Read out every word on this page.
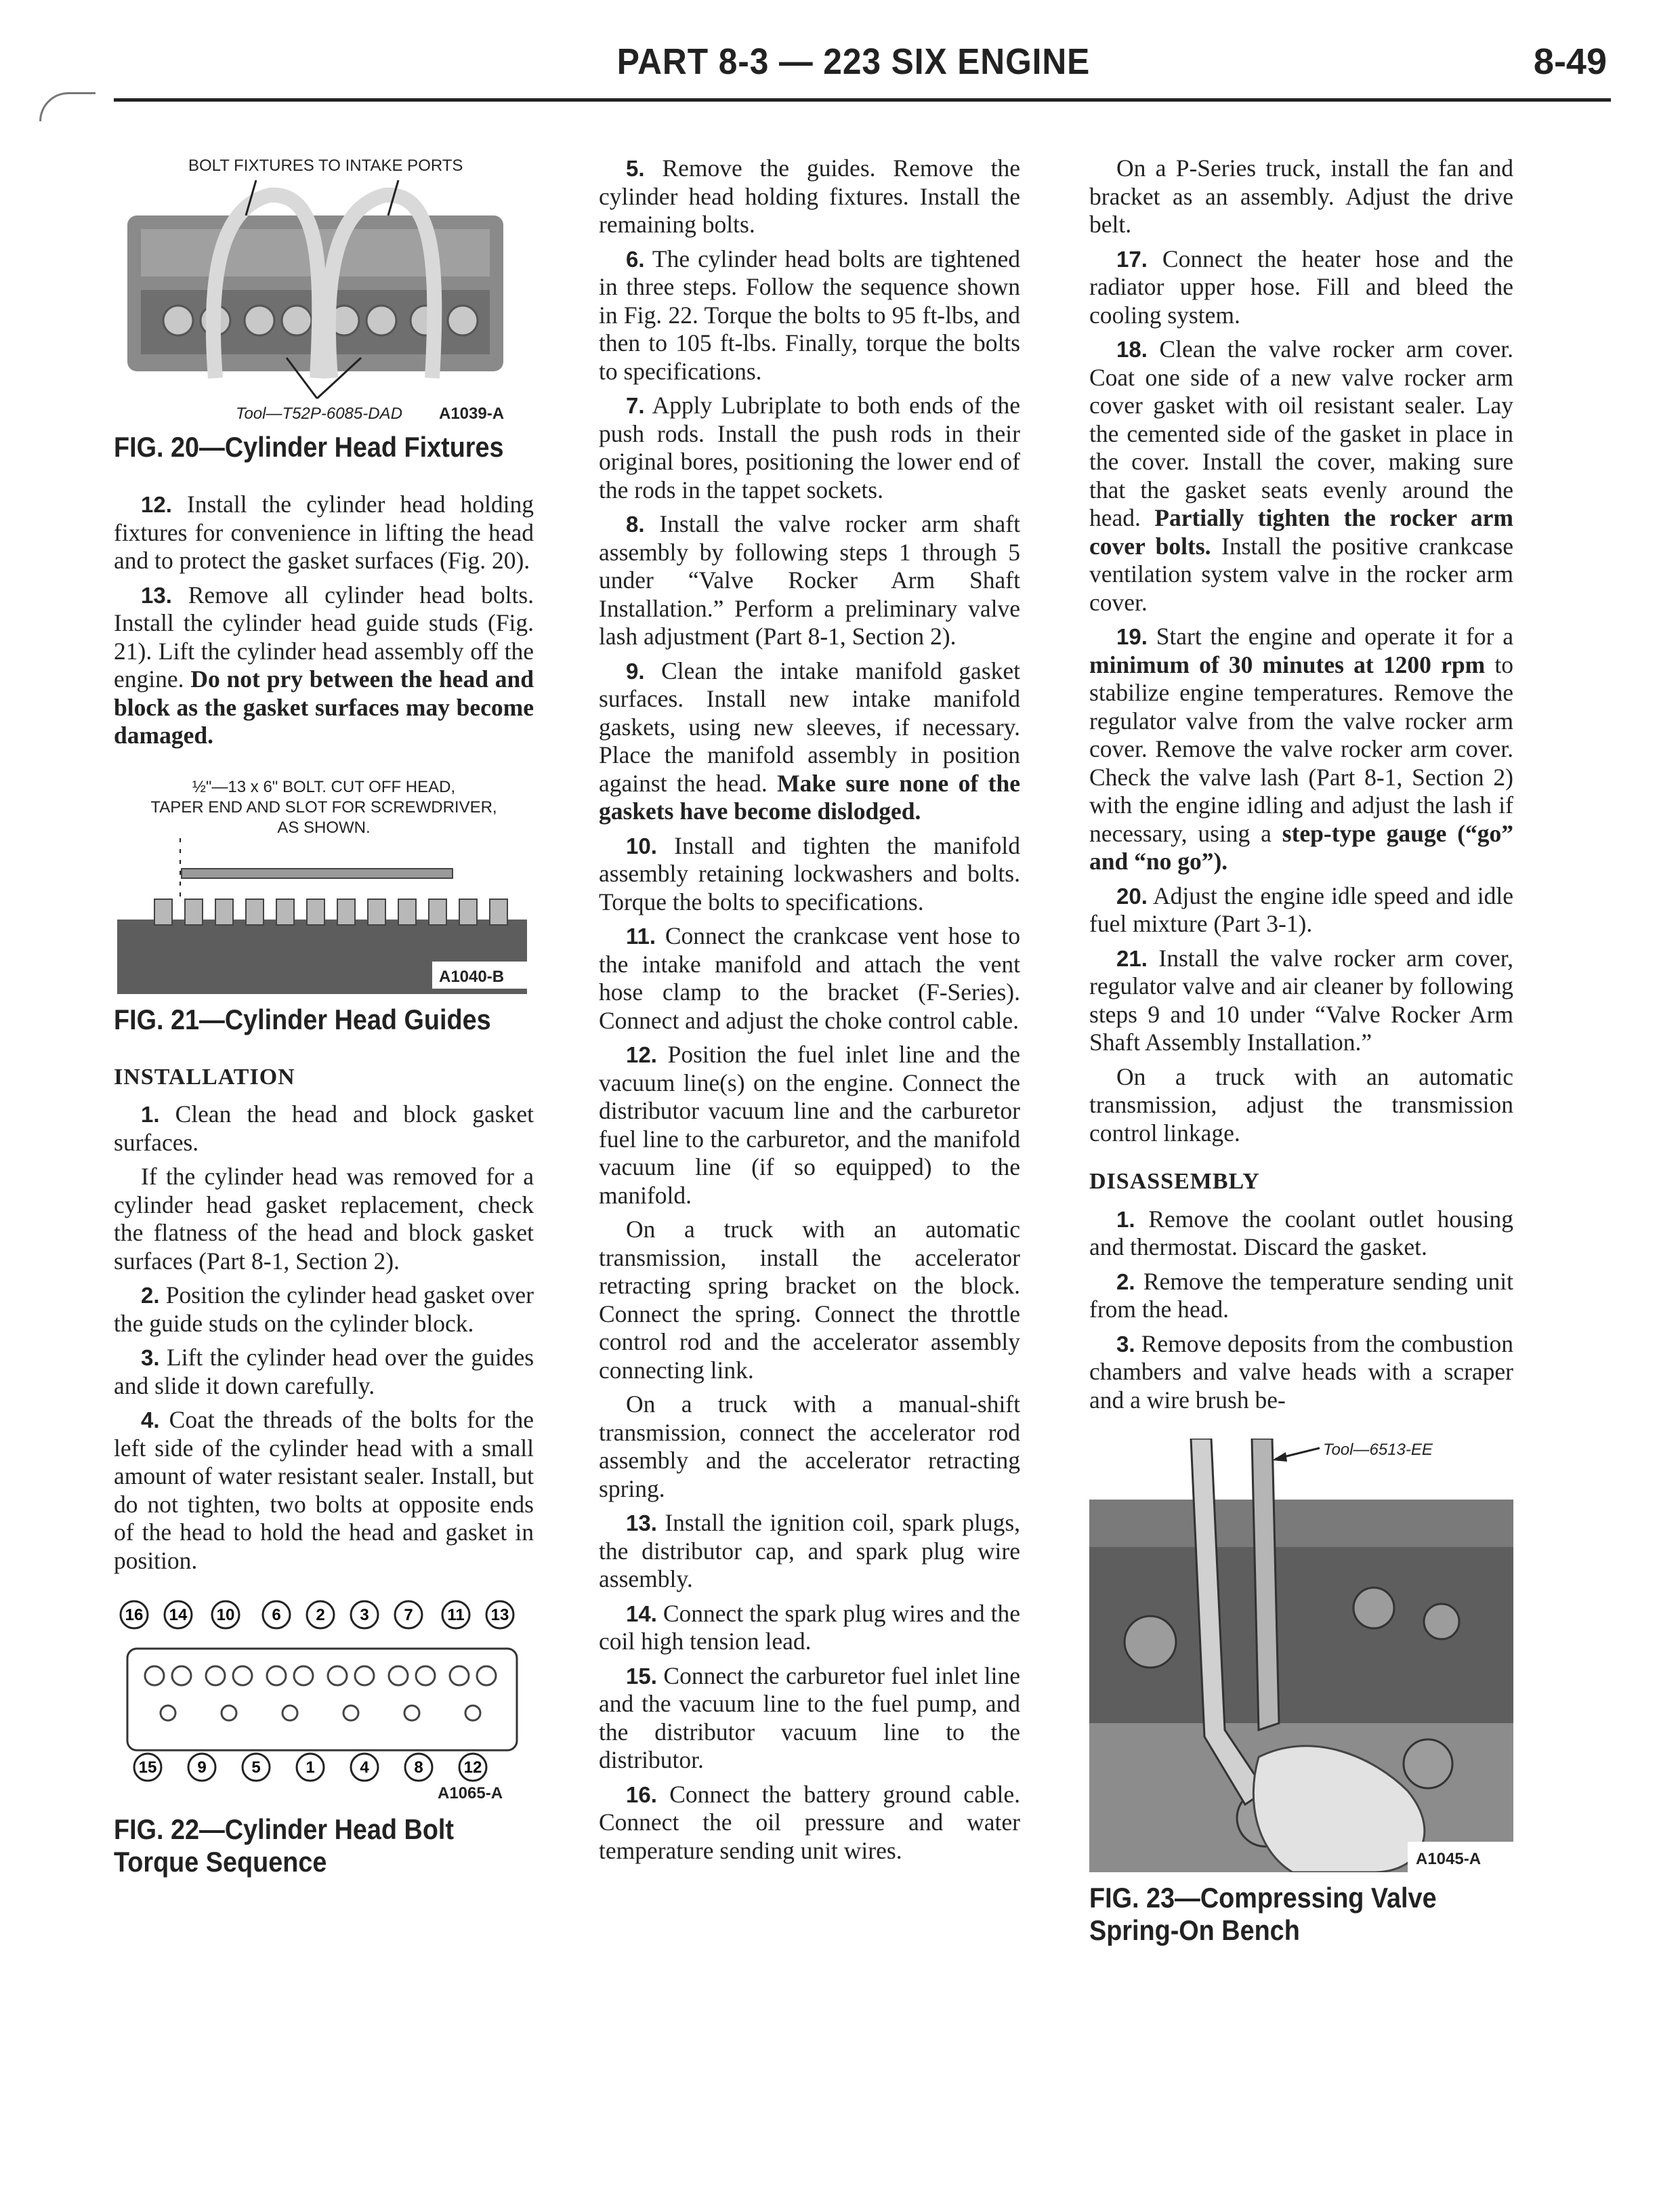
PART 8-3 — 223 SIX ENGINE	8-49
BOLT FIXTURES TO INTAKE PORTS
Tool—T52P-6085-DAD A1039-A
FIG. 20—Cylinder Head Fixtures

12. Install the cylinder head holding fixtures for convenience in lifting the head and to protect the gasket surfaces (Fig. 20).

13. Remove all cylinder head bolts. Install the cylinder head guide studs (Fig. 21). Lift the cylinder head assembly off the engine. Do not pry between the head and block as the gasket surfaces may become damaged.

½"—13 x 6" BOLT. CUT OFF HEAD,
TAPER END AND SLOT FOR SCREWDRIVER,
AS SHOWN.
A1040-B
FIG. 21—Cylinder Head Guides
INSTALLATION

1. Clean the head and block gasket surfaces.

If the cylinder head was removed for a cylinder head gasket replacement, check the flatness of the head and block gasket surfaces (Part 8-1, Section 2).

2. Position the cylinder head gasket over the guide studs on the cylinder block.

3. Lift the cylinder head over the guides and slide it down carefully.

4. Coat the threads of the bolts for the left side of the cylinder head with a small amount of water resistant sealer. Install, but do not tighten, two bolts at opposite ends of the head to hold the head and gasket in position.

16 14 10 6 2 3 7 11 13
15 9	5	1	4	8 12
A1065-A
FIG. 22—Cylinder Head Bolt
Torque Sequence

5. Remove the guides. Remove the cylinder head holding fixtures. Install the remaining bolts.

6. The cylinder head bolts are tightened in three steps. Follow the sequence shown in Fig. 22. Torque the bolts to 95 ft-lbs, and then to 105 ft-lbs. Finally, torque the bolts to specifications.

7. Apply Lubriplate to both ends of the push rods. Install the push rods in their original bores, positioning the lower end of the rods in the tappet sockets.

8. Install the valve rocker arm shaft assembly by following steps 1 through 5 under “Valve Rocker Arm Shaft Installation.” Perform a preliminary valve lash adjustment (Part 8-1, Section 2).

9. Clean the intake manifold gasket surfaces. Install new intake manifold gaskets, using new sleeves, if necessary. Place the manifold assembly in position against the head. Make sure none of the gaskets have become dislodged.

10. Install and tighten the manifold assembly retaining lockwashers and bolts. Torque the bolts to specifications.

11. Connect the crankcase vent hose to the intake manifold and attach the vent hose clamp to the bracket (F-Series). Connect and adjust the choke control cable.

12. Position the fuel inlet line and the vacuum line(s) on the engine. Connect the distributor vacuum line and the carburetor fuel line to the carburetor, and the manifold vacuum line (if so equipped) to the manifold.

On a truck with an automatic transmission, install the accelerator retracting spring bracket on the block. Connect the spring. Connect the throttle control rod and the accelerator assembly connecting link.

On a truck with a manual-shift transmission, connect the accelerator rod assembly and the accelerator retracting spring.

13. Install the ignition coil, spark plugs, the distributor cap, and spark plug wire assembly.

14. Connect the spark plug wires and the coil high tension lead.

15. Connect the carburetor fuel inlet line and the vacuum line to the fuel pump, and the distributor vacuum line to the distributor.

16. Connect the battery ground cable. Connect the oil pressure and water temperature sending unit wires.

On a P-Series truck, install the fan and bracket as an assembly. Adjust the drive belt.

17. Connect the heater hose and the radiator upper hose. Fill and bleed the cooling system.

18. Clean the valve rocker arm cover. Coat one side of a new valve rocker arm cover gasket with oil resistant sealer. Lay the cemented side of the gasket in place in the cover. Install the cover, making sure that the gasket seats evenly around the head. Partially tighten the rocker arm cover bolts. Install the positive crankcase ventilation system valve in the rocker arm cover.

19. Start the engine and operate it for a minimum of 30 minutes at 1200 rpm to stabilize engine temperatures. Remove the regulator valve from the valve rocker arm cover. Remove the valve rocker arm cover. Check the valve lash (Part 8-1, Section 2) with the engine idling and adjust the lash if necessary, using a step-type gauge (“go” and “no go”).

20. Adjust the engine idle speed and idle fuel mixture (Part 3-1).

21. Install the valve rocker arm cover, regulator valve and air cleaner by following steps 9 and 10 under “Valve Rocker Arm Shaft Assembly Installation.”

On a truck with an automatic transmission, adjust the transmission control linkage.

DISASSEMBLY

1. Remove the coolant outlet housing and thermostat. Discard the gasket.

2. Remove the temperature sending unit from the head.

3. Remove deposits from the combustion chambers and valve heads with a scraper and a wire brush be-

Tool—6513-EE
A1045-A
FIG. 23—Compressing Valve
Spring-On Bench
